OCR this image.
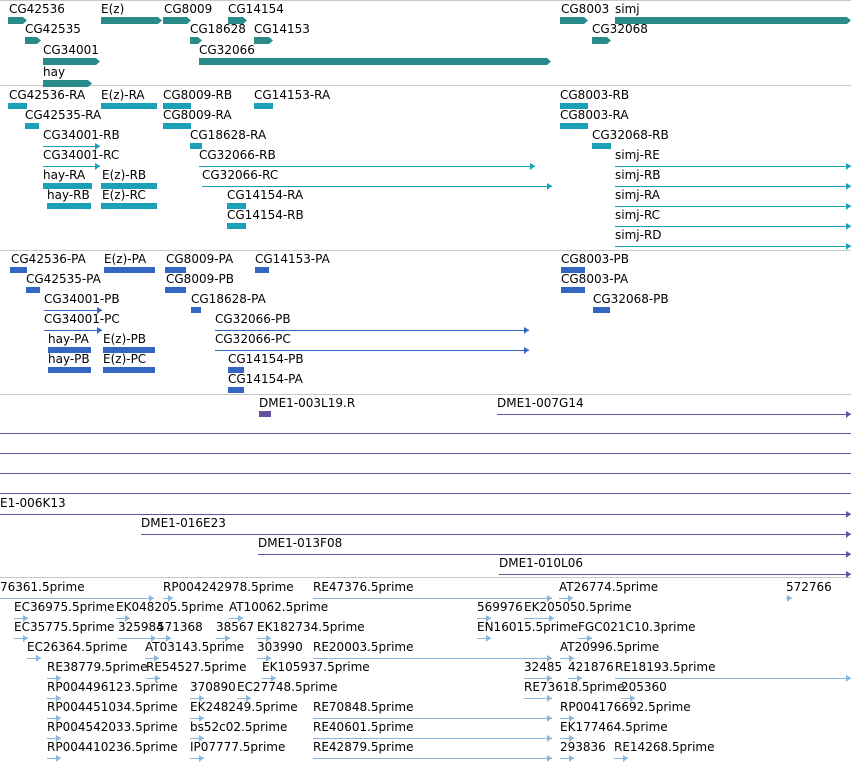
CG42536	E(z)	CG8009 CG14154	CG8003 simj
CG42535	CG18628 CG14153	CG32068
CG34001	CG32066
hay
CG42536-RA E(z)-RA CG8009-RB CG14153-RA	CG8003-RB
CG42535-RA	CG8009-RA	CG8003-RA
CG34001-RB	CG18628-RA	CG32068-RB
CG34001-RC	CG32066-RB	simj-RE
hay-RA E(z)-RB	CG32066-RC	simj-RB
hay-RB E(z)-RC	CG14154-RA	simj-RA
CG14154-RB	simj-RC
simj-RD
CG42536-PA E(z)-PA CG8009-PA CG14153-PA	CG8003-PB
CG42535-PA	CG8009-PB	CG8003-PA
CG34001-PB	CG18628-PA	CG32068-PB
CG34001-PC	CG32066-PB
hay-PA E(z)-PB	CG32066-PC
hay-PB E(z)-PC	CG14154-PB
CG14154-PA
DME1-003L19.R	DME1-007G14
E1-006K13
DME1-016E23
DME1-013F08
DME1-010L06
76361.5prime	RP004242978.5prime RE47376.5prime	AT26774.5prime	572766
EC36975.5prime EK048205.5prime AT10062.5prime	569976 EK205050.5prime
EC35775.5prime 325984
571368 38567 EK182734.5prime	EN16015.5prime FGC021C10.3prime
EC26364.5prime AT03143.5prime 303990 RE20003.5prime	AT20996.5prime
RE38779.5prime
RE54527.5prime EK105937.5prime	32485 421876 RE18193.5prime
RP004496123.5prime 370890 EC27748.5prime	RE73618.5prime
205360
RP004451034.5prime EK248249.5prime RE70848.5prime	RP004176692.5prime
RP004542033.5prime bs52c02.5prime RE40601.5prime	EK177464.5prime
RP004410236.5prime IP07777.5prime RE42879.5prime	293836 RE14268.5prime
